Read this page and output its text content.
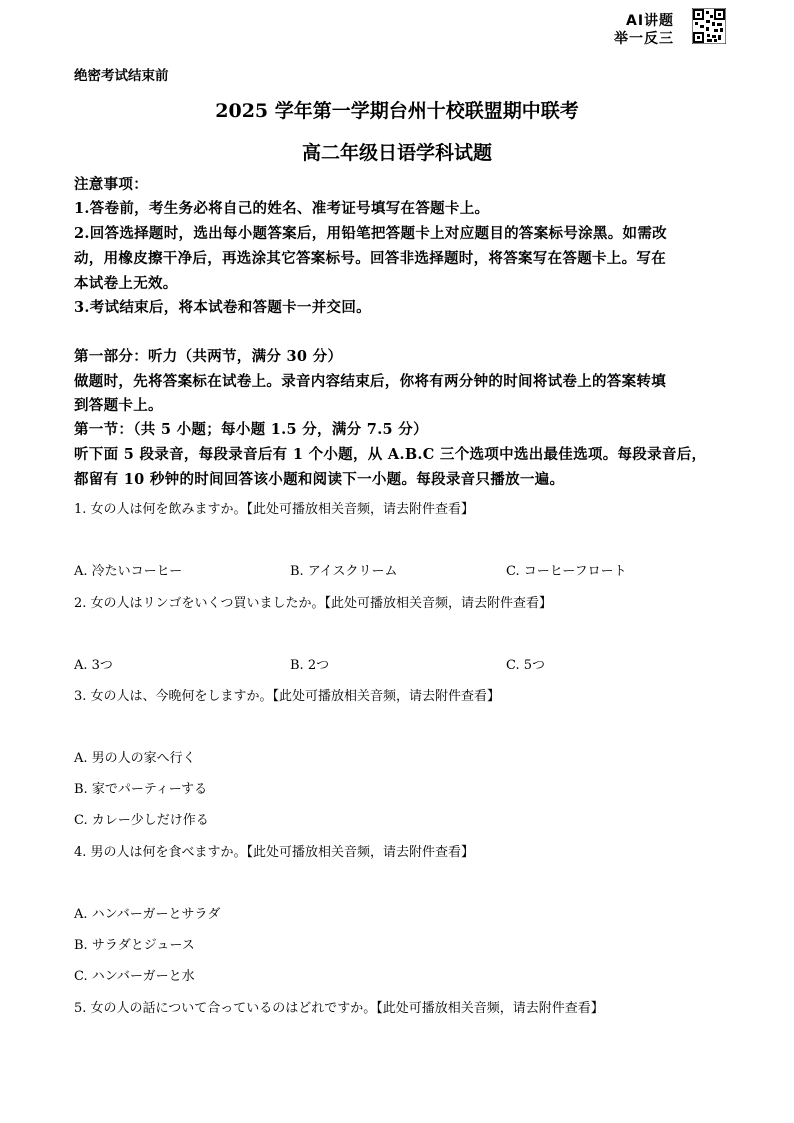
AI讲题
举一反三
绝密考试结束前
2025 学年第一学期台州十校联盟期中联考
高二年级日语学科试题
注意事项：
1.答卷前，考生务必将自己的姓名、准考证号填写在答题卡上。
2.回答选择题时，选出每小题答案后，用铅笔把答题卡上对应题目的答案标号涂黑。如需改
动，用橡皮擦干净后，再选涂其它答案标号。回答非选择题时，将答案写在答题卡上。写在
本试卷上无效。
3.考试结束后，将本试卷和答题卡一并交回。
第一部分：听力（共两节，满分 30 分）
做题时，先将答案标在试卷上。录音内容结束后，你将有两分钟的时间将试卷上的答案转填
到答题卡上。
第一节：（共 5 小题；每小题 1.5 分，满分 7.5 分）
听下面 5 段录音，每段录音后有 1 个小题，从 A.B.C 三个选项中选出最佳选项。每段录音后，
都留有 10 秒钟的时间回答该小题和阅读下一小题。每段录音只播放一遍。
1. 女の人は何を飲みますか。【此处可播放相关音频，请去附件查看】
A. 冷たいコーヒー	B. アイスクリーム	C. コーヒーフロート
2. 女の人はリンゴをいくつ買いましたか。【此处可播放相关音频，请去附件查看】
A. 3つ	B. 2つ	C. 5つ
3. 女の人は、今晩何をしますか。【此处可播放相关音频，请去附件查看】
A. 男の人の家へ行く
B. 家でパーティーする
C. カレー少しだけ作る
4. 男の人は何を食べますか。【此处可播放相关音频，请去附件查看】
A. ハンバーガーとサラダ
B. サラダとジュース
C. ハンバーガーと水
5. 女の人の話について合っているのはどれですか。【此处可播放相关音频，请去附件查看】
